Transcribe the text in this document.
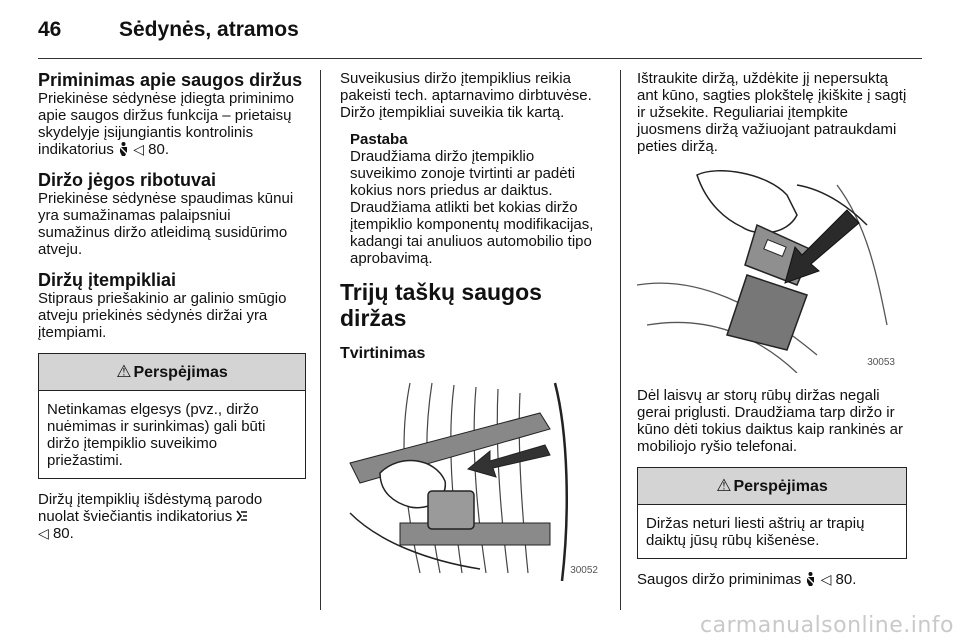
46	Sėdynės, atramos
Priminimas apie saugos diržus

Priekinėse sėdynėse įdiegta priminimo apie saugos diržus funkcija – prietaisų skydelyje įsijungiantis kontrolinis indikatorius ◁ 80.

Diržo jėgos ribotuvai

Priekinėse sėdynėse spaudimas kūnui yra sumažinamas palaipsniui sumažinus diržo atleidimą susidūrimo atveju.

Diržų įtempikliai

Stipraus priešakinio ar galinio smūgio atveju priekinės sėdynės diržai yra įtempiami.

⚠ Perspėjimas
Netinkamas elgesys (pvz., diržo nuėmimas ir surinkimas) gali būti diržo įtempiklio suveikimo priežastimi.

Diržų įtempiklių išdėstymą parodo nuolat šviečiantis indikatorius
◁ 80.

Suveikusius diržo įtempiklius reikia pakeisti tech. aptarnavimo dirbtuvėse. Diržo įtempikliai suveikia tik kartą.

Pastaba
Draudžiama diržo įtempiklio suveikimo zonoje tvirtinti ar padėti kokius nors priedus ar daiktus. Draudžiama atlikti bet kokias diržo įtempiklio komponentų modifikacijas, kadangi tai anuliuos automobilio tipo aprobavimą.
Trijų taškų saugos diržas
Tvirtinimas
30052

Ištraukite diržą, uždėkite jį nepersuktą ant kūno, sagties plokštelę įkiškite į sagtį ir užsekite. Reguliariai įtempkite juosmens diržą važiuojant patraukdami peties diržą.

30053

Dėl laisvų ar storų rūbų diržas negali gerai priglusti. Draudžiama tarp diržo ir kūno dėti tokius daiktus kaip rankinės ar mobiliojo ryšio telefonai.

⚠ Perspėjimas
Diržas neturi liesti aštrių ar trapių daiktų jūsų rūbų kišenėse.

Saugos diržo priminimas ◁ 80.

carmanualsonline.info
